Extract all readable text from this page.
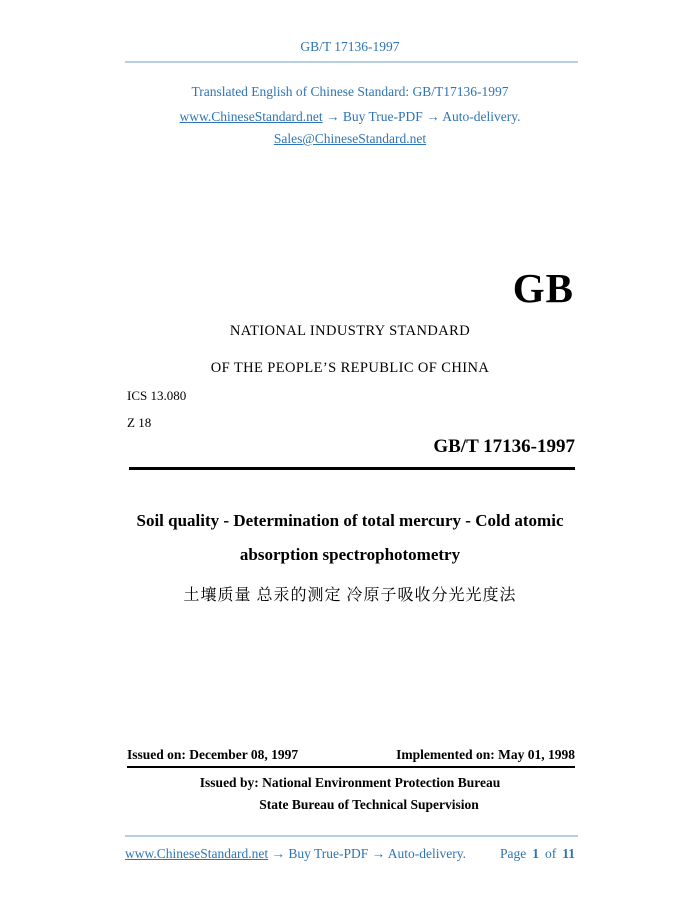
GB/T 17136-1997
Translated English of Chinese Standard: GB/T17136-1997
www.ChineseStandard.net → Buy True-PDF → Auto-delivery.
Sales@ChineseStandard.net
GB
NATIONAL INDUSTRY STANDARD
OF THE PEOPLE’S REPUBLIC OF CHINA
ICS 13.080
Z 18
GB/T 17136-1997
Soil quality - Determination of total mercury - Cold atomic absorption spectrophotometry
土壤质量 总汞的测定 冷原子吸收分光光度法
Issued on: December 08, 1997	Implemented on: May 01, 1998
Issued by: National Environment Protection Bureau
State Bureau of Technical Supervision
www.ChineseStandard.net → Buy True-PDF → Auto-delivery.	Page 1 of 11
